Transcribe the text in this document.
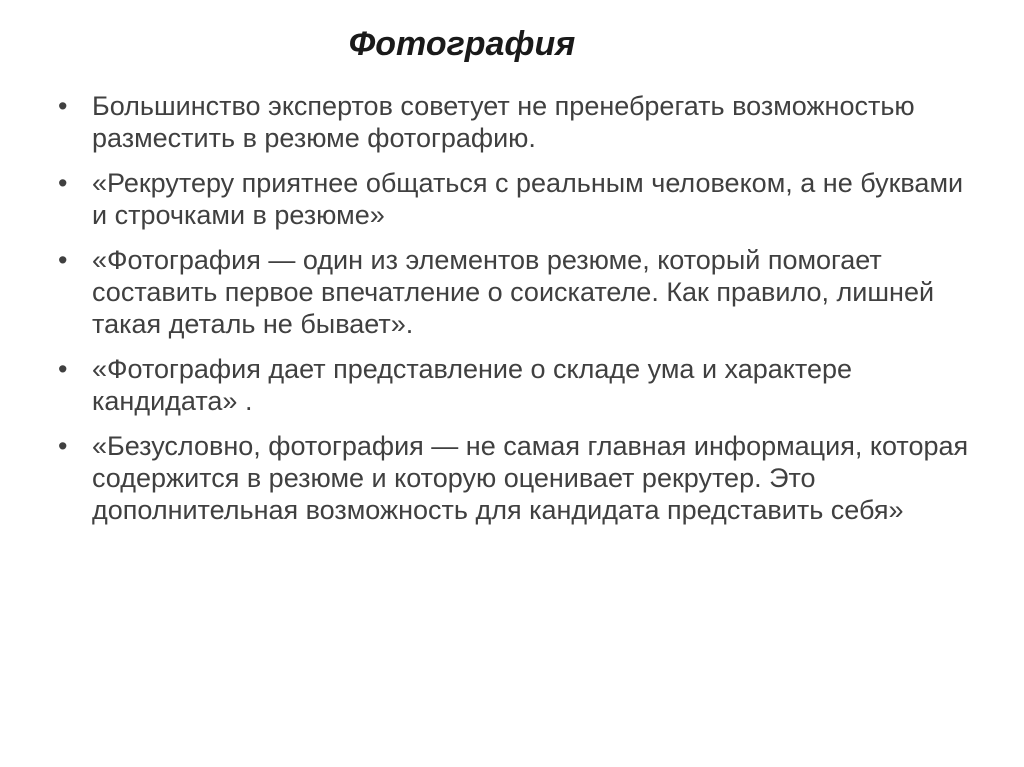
Фотография
• Большинство экспертов советует не пренебрегать возможностью разместить в резюме фотографию.
• «Рекрутеру приятнее общаться с реальным человеком, а не буквами и строчками в резюме»
• «Фотография — один из элементов резюме, который помогает составить первое впечатление о соискателе. Как правило, лишней такая деталь не бывает».
• «Фотография дает представление о складе ума и характере кандидата» .
• «Безусловно, фотография — не самая главная информация, которая содержится в резюме и которую оценивает рекрутер. Это дополнительная возможность для кандидата представить себя»
